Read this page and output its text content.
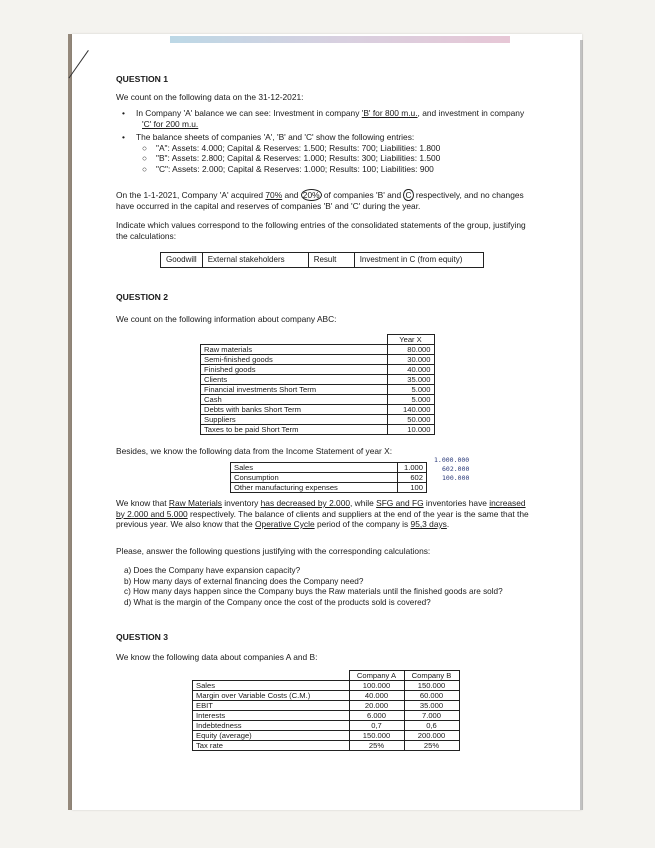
QUESTION 1

We count on the following data on the 31-12-2021:

• In Company 'A' balance we can see: Investment in company 'B' for 800 m.u., and investment in company
'C' for 200 m.u.
• The balance sheets of companies 'A', 'B' and 'C' show the following entries:
○ "A": Assets: 4.000; Capital & Reserves: 1.500; Results: 700; Liabilities: 1.800
○ "B": Assets: 2.800; Capital & Reserves: 1.000; Results: 300; Liabilities: 1.500
○ "C": Assets: 2.000; Capital & Reserves: 1.000; Results: 100; Liabilities: 900
On the 1-1-2021, Company 'A' acquired 70% and 20% of companies 'B' and C respectively, and no changes
have occurred in the capital and reserves of companies 'B' and 'C' during the year.
Indicate which values correspond to the following entries of the consolidated statements of the group, justifying
the calculations:
Goodwill	External stakeholders	Result	Investment in C (from equity)
QUESTION 2

We count on the following information about company ABC:

	Year X
Raw materials	80.000
Semi-finished goods	30.000
Finished goods	40.000
Clients	35.000
Financial investments Short Term	5.000
Cash	5.000
Debts with banks Short Term	140.000
Suppliers	50.000
Taxes to be paid Short Term	10.000

Besides, we know the following data from the Income Statement of year X:

Sales	1.000
Consumption	602
Other manufacturing expenses	100
1.000.000
602.000
100.000
We know that Raw Materials inventory has decreased by 2.000, while SFG and FG inventories have increased
by 2.000 and 5.000 respectively. The balance of clients and suppliers at the end of the year is the same that the
previous year. We also know that the Operative Cycle period of the company is 95,3 days.

Please, answer the following questions justifying with the corresponding calculations:

a) Does the Company have expansion capacity?
b) How many days of external financing does the Company need?
c) How many days happen since the Company buys the Raw materials until the finished goods are sold?
d) What is the margin of the Company once the cost of the products sold is covered?
QUESTION 3

We know the following data about companies A and B:

	Company A	Company B
Sales	100.000	150.000
Margin over Variable Costs (C.M.)	40.000	60.000
EBIT	20.000	35.000
Interests	6.000	7.000
Indebtedness	0,7	0,6
Equity (average)	150.000	200.000
Tax rate	25%	25%
